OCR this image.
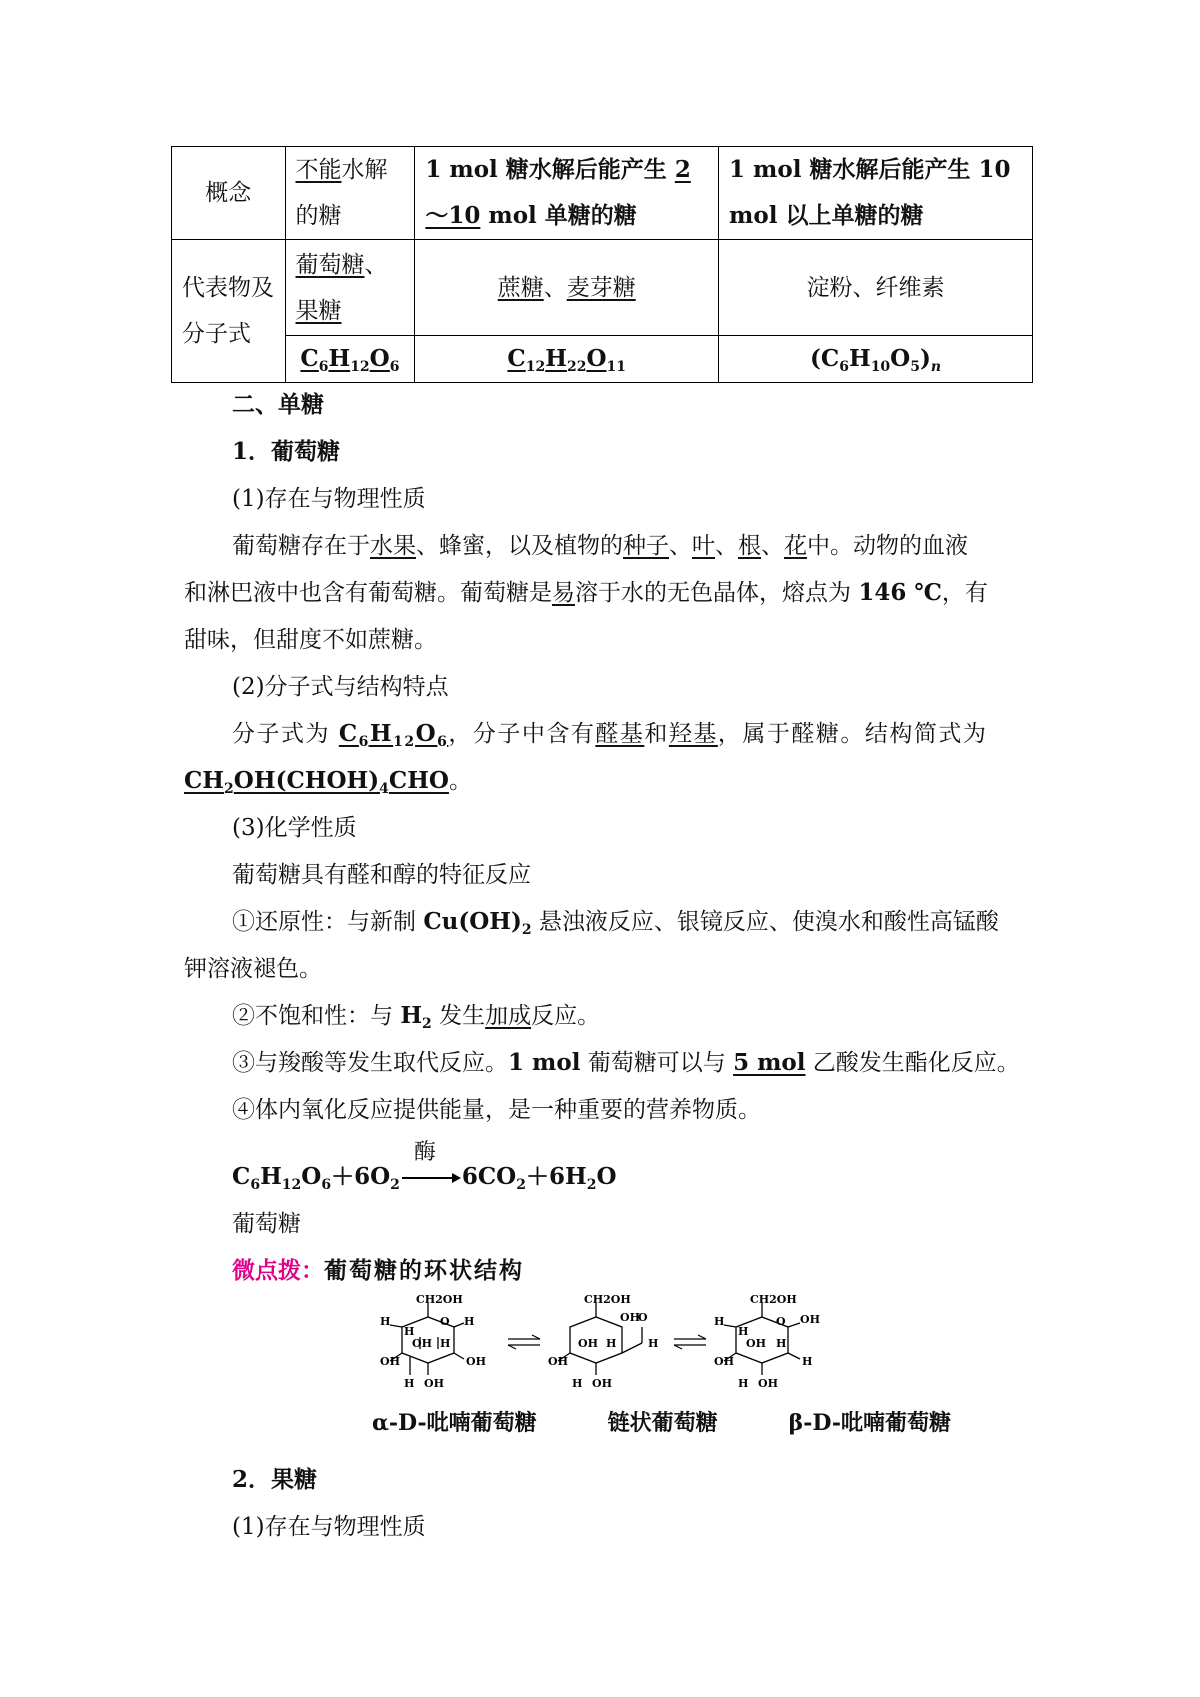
概念	不能水解的糖	1 mol 糖水解后能产生 2～10 mol 单糖的糖	1 mol 糖水解后能产生 10 mol 以上单糖的糖
代表物及分子式	葡萄糖、果糖	蔗糖、麦芽糖	淀粉、纤维素
	$C_6H_{12}O_6$	$C_{12}H_{22}O_{11}$	$(C_6H_{10}O_5)_n$
二、单糖
1．葡萄糖
(1)存在与物理性质
葡萄糖存在于水果、蜂蜜，以及植物的种子、叶、根、花中。动物的血液
和淋巴液中也含有葡萄糖。葡萄糖是易溶于水的无色晶体，熔点为 146 ℃，有
甜味，但甜度不如蔗糖。
(2)分子式与结构特点
分子式为 $C_6H_{12}O_6$，分子中含有醛基和羟基，属于醛糖。结构简式为
$CH_2OH(CHOH)_4CHO$。
(3)化学性质
葡萄糖具有醛和醇的特征反应
①还原性：与新制 $Cu(OH)_2$ 悬浊液反应、银镜反应、使溴水和酸性高锰酸
钾溶液褪色。
②不饱和性：与 $H_2$ 发生加成反应。
③与羧酸等发生取代反应。1 mol 葡萄糖可以与 5 mol 乙酸发生酯化反应。
④体内氧化反应提供能量，是一种重要的营养物质。
$C_6H_{12}O_6+6O_2$
酶
$6CO_2+6H_2O$
葡萄糖
微点拨：葡萄糖的环状结构
CH2OH
H
H
O H
OH
OH H
OH
H OH
CH2OH
OH
O
H
OH
OH H
H OH
CH2OH
H
H
O OH
OH
OH H
H
H OH
α-D-吡喃葡萄糖	链状葡萄糖	β-D-吡喃葡萄糖
2．果糖
(1)存在与物理性质
